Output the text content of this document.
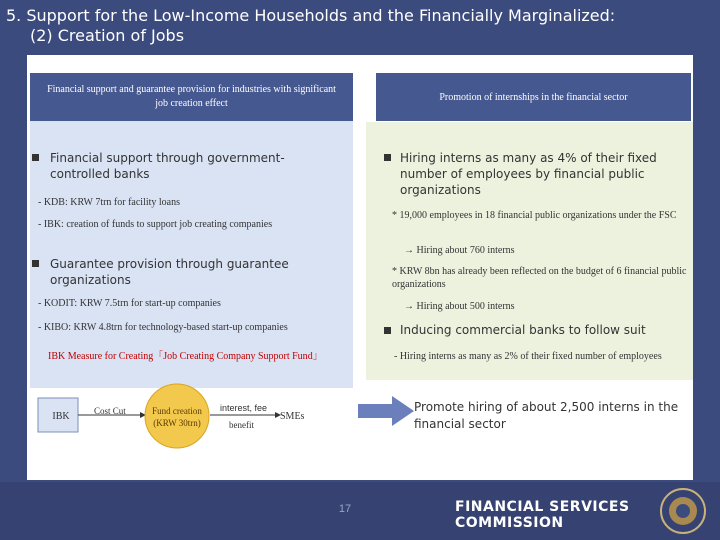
5. Support for the Low-Income Households and the Financially Marginalized:
(2) Creation of Jobs
Financial support and guarantee provision for industries with significant job creation effect
Promotion of internships in the financial sector
Financial support through government-controlled banks
- KDB: KRW 7trn for facility loans
- IBK: creation of funds to support job creating companies
Guarantee provision through guarantee organizations
- KODIT: KRW 7.5trn for start-up companies
- KIBO: KRW 4.8trn for technology-based start-up companies
IBK Measure for Creating「Job Creating Company Support Fund」
IBK	Cost Cut	Fund creation
(KRW 30trn)
interest, fee
benefit
SMEs
Hiring interns as many as 4% of their fixed number of employees by financial public organizations
* 19,000 employees in 18 financial public organizations under the FSC
→ Hiring about 760 interns
* KRW 8bn has already been reflected on the budget of 6 financial public organizations
→ Hiring about 500 interns
Inducing commercial banks to follow suit
- Hiring interns as many as 2% of their fixed number of employees
Promote hiring of about 2,500 interns in the financial sector
17	FINANCIAL SERVICES COMMISSION
